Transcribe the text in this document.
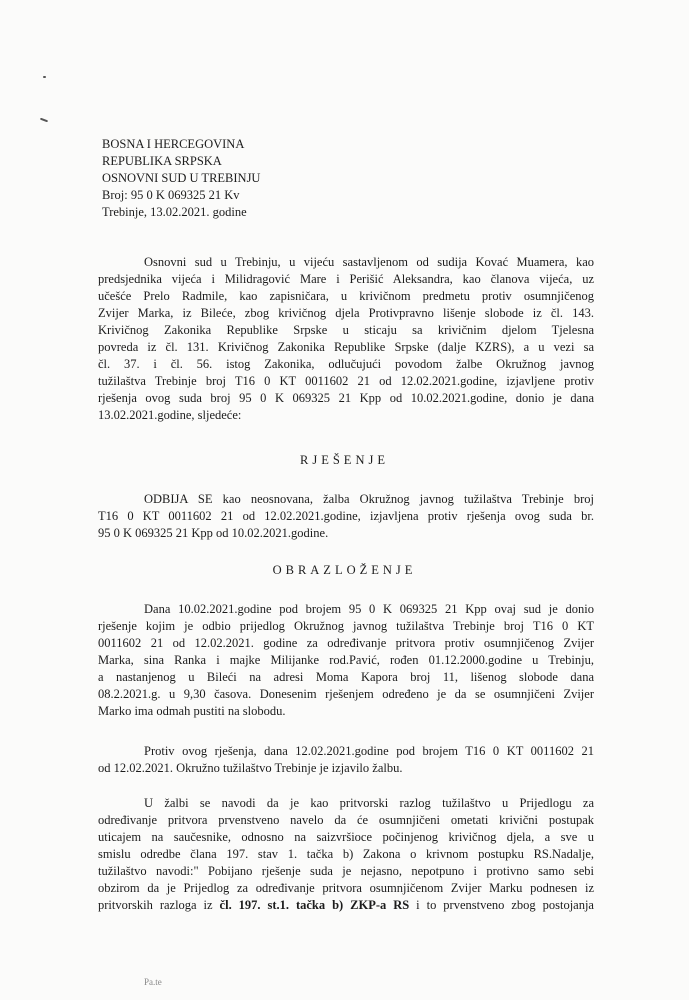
BOSNA I HERCEGOVINA
REPUBLIKA SRPSKA
OSNOVNI SUD U TREBINJU
Broj: 95 0 K 069325 21 Kv
Trebinje, 13.02.2021. godine
Osnovni sud u Trebinju, u vijeću sastavljenom od sudija Kovać Muamera, kao
predsjednika vijeća i Milidragović Mare i Perišić Aleksandra, kao članova vijeća, uz
učešće Prelo Radmile, kao zapisničara, u krivičnom predmetu protiv osumnjičenog
Zvijer Marka, iz Bileće, zbog krivičnog djela Protivpravno lišenje slobode iz čl. 143.
Krivičnog Zakonika Republike Srpske u sticaju sa krivičnim djelom Tjelesna
povreda iz čl. 131. Krivičnog Zakonika Republike Srpske (dalje KZRS), a u vezi sa
čl. 37. i čl. 56. istog Zakonika, odlučujući povodom žalbe Okružnog javnog
tužilaštva Trebinje broj T16 0 KT 0011602 21 od 12.02.2021.godine, izjavljene protiv
rješenja ovog suda broj 95 0 K 069325 21 Kpp od 10.02.2021.godine, donio je dana
13.02.2021.godine, sljedeće:
RJEŠENJE
ODBIJA SE kao neosnovana, žalba Okružnog javnog tužilaštva Trebinje broj
T16 0 KT 0011602 21 od 12.02.2021.godine, izjavljena protiv rješenja ovog suda br.
95 0 K 069325 21 Kpp od 10.02.2021.godine.
OBRAZLOŽENJE
Dana 10.02.2021.godine pod brojem 95 0 K 069325 21 Kpp ovaj sud je donio
rješenje kojim je odbio prijedlog Okružnog javnog tužilaštva Trebinje broj T16 0 KT
0011602 21 od 12.02.2021. godine za određivanje pritvora protiv osumnjičenog Zvijer
Marka, sina Ranka i majke Milijanke rod.Pavić, rođen 01.12.2000.godine u Trebinju,
a nastanjenog u Bileći na adresi Moma Kapora broj 11, lišenog slobode dana
08.2.2021.g. u 9,30 časova. Donesenim rješenjem određeno je da se osumnjičeni Zvijer
Marko ima odmah pustiti na slobodu.
Protiv ovog rješenja, dana 12.02.2021.godine pod brojem T16 0 KT 0011602 21
od 12.02.2021. Okružno tužilaštvo Trebinje je izjavilo žalbu.
U žalbi se navodi da je kao pritvorski razlog tužilaštvo u Prijedlogu za
određivanje pritvora prvenstveno navelo da će osumnjičeni ometati krivični postupak
uticajem na saučesnike, odnosno na saizvršioce počinjenog krivičnog djela, a sve u
smislu odredbe člana 197. stav 1. tačka b) Zakona o krivnom postupku RS.Nadalje,
tužilaštvo navodi:" Pobijano rješenje suda je nejasno, nepotpuno i protivno samo sebi
obzirom da je Prijedlog za određivanje pritvora osumnjičenom Zvijer Marku podnesen iz
pritvorskih razloga iz čl. 197. st.1. tačka b) ZKP-a RS i to prvenstveno zbog postojanja
Pa.te
